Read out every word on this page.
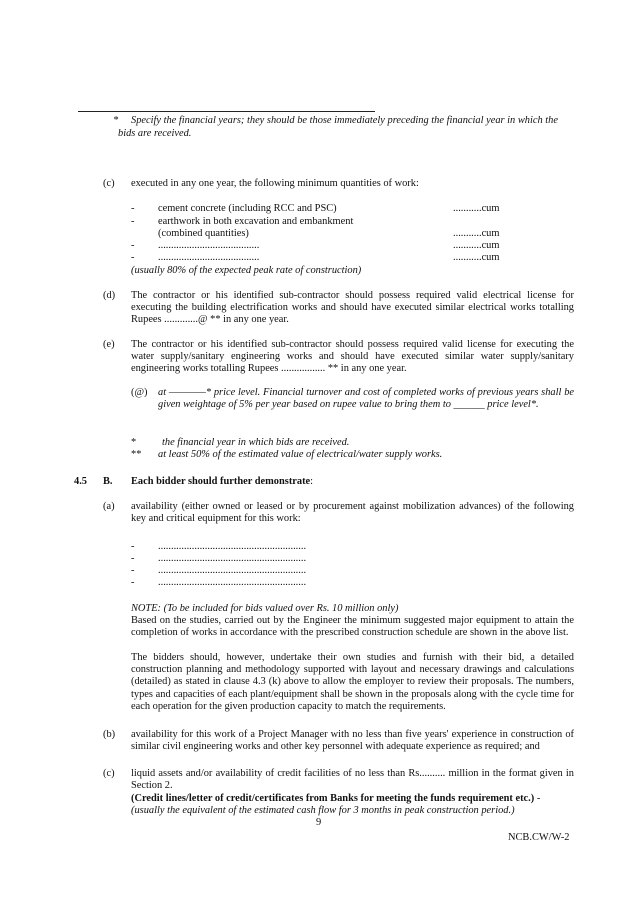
* Specify the financial years; they should be those immediately preceding the financial year in which the
bids are received.
(c) executed in any one year, the following minimum quantities of work:
- cement concrete (including RCC and PSC)	...........cum
- earthwork in both excavation and embankment
(combined quantities)	...........cum
- .......................................	...........cum
- .......................................	...........cum
(usually 80% of the expected peak rate of construction)
(d) The contractor or his identified sub-contractor should possess required valid electrical license for executing the building electrification works and should have executed similar electrical works totalling Rupees .............@ ** in any one year.
(e) The contractor or his identified sub-contractor should possess required valid license for executing the water supply/sanitary engineering works and should have executed similar water supply/sanitary engineering works totalling Rupees ................. ** in any one year.
(@) at ————* price level. Financial turnover and cost of completed works of previous years shall be given weightage of 5% per year based on rupee value to bring them to ______ price level*.
* the financial year in which bids are received.
** at least 50% of the estimated value of electrical/water supply works.
4.5 B. Each bidder should further demonstrate:
(a) availability (either owned or leased or by procurement against mobilization advances) of the following key and critical equipment for this work:
- .........................................................
- .........................................................
- .........................................................
- .........................................................
NOTE: (To be included for bids valued over Rs. 10 million only)
Based on the studies, carried out by the Engineer the minimum suggested major equipment to attain the completion of works in accordance with the prescribed construction schedule are shown in the above list.
The bidders should, however, undertake their own studies and furnish with their bid, a detailed construction planning and methodology supported with layout and necessary drawings and calculations (detailed) as stated in clause 4.3 (k) above to allow the employer to review their proposals. The numbers, types and capacities of each plant/equipment shall be shown in the proposals along with the cycle time for each operation for the given production capacity to match the requirements.
(b) availability for this work of a Project Manager with no less than five years' experience in construction of similar civil engineering works and other key personnel with adequate experience as required; and
(c) liquid assets and/or availability of credit facilities of no less than Rs.......... million in the format given in Section 2.
(Credit lines/letter of credit/certificates from Banks for meeting the funds requirement etc.) -
(usually the equivalent of the estimated cash flow for 3 months in peak construction period.)
9
NCB.CW/W-2
